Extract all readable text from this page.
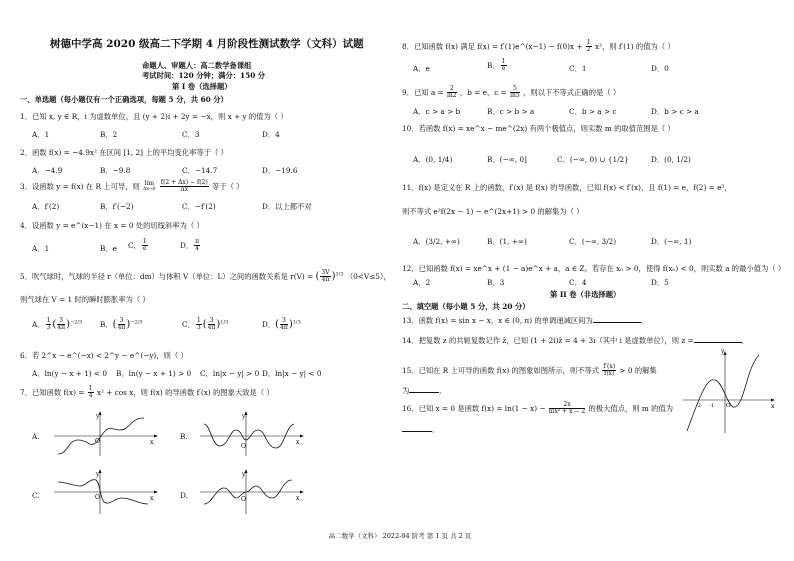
树德中学高 2020 级高二下学期 4 月阶段性测试数学（文科）试题
命题人、审题人：高二数学备课组
考试时间：120 分钟；满分：150 分
第 I 卷（选择题）
一、单选题（每小题仅有一个正确选项，每题 5 分，共 60 分）
1．已知 x, y ∈ R，i 为虚数单位，且 (y + 2)i + 2y = −x，则 x + y 的值为（ ）
A．1	B．2	C．3	D．4
2．函数 f(x) = −4.9x² 在区间 [1, 2] 上的平均变化率等于（ ）
A．−4.9	B．−9.8	C．−14.7	D．−19.6
3．设函数 y = f(x) 在 R 上可导，则 lim
Δx→0
$\frac{f(2 + \Delta x) - f(2)}{\Delta x}$ 等于（ ）
A．f′(2)	B．f′(−2)	C．−f′(2)	D．以上都不对
4．设函数 y = e^(x−1) 在 x = 0 处的切线斜率为（ ）
A．1	B．e C． $\frac{1}{e}$	D． $\frac{\pi}{4}$
5．吹气球时，气球的半径 r（单位：dm）与体积 V（单位：L）之间的函数关系是 r(V) = ( $\frac{3V}{4\pi} )^{1/3}$ （0<V≤5），
则气球在 V = 1 时的瞬时膨胀率为（ ）
A． $\frac{1}{3}$ ( $\frac{3}{4\pi} )^{-2/3}$ B．( $\frac{3}{4\pi} )^{-2/3}$	C． $\frac{1}{3}$ ( $\frac{3}{4\pi} )^{1/3}$	D．( $\frac{3}{4\pi} )^{1/3}$
6．若 2^x − e^(−x) < 2^y − e^(−y)，则（ ）
A．ln(y − x + 1) < 0 B．ln(y − x + 1) > 0 C．ln|x − y| > 0 D．ln|x − y| < 0
7．已知函数 $f(x) = \frac{1}{4} x^2 + \cos x$，则 f(x) 的导函数 f′(x) 的图象大致是（ ）
A.
y
x
O
B.
y
x
O
C.
y
x
O	D.
y
x
O
8．已知函数 f(x) 满足 f(x) = f′(1)e^(x−1) − $f(0)x + \frac{1}{2} x^2$，则 f′(1) 的值为（ ）
A．e	B． $\frac{1}{e}$	C．1	D．0
9．已知 $a = \frac{2}{\ln 2}$ ，b = e，$c = \frac{5}{\ln 5}$ ，则以下不等式正确的是（ ）
A．c > a > b	B．c > b > a	C．b > a > c	D．b > c > a
10．若函数 f(x) = xe^x − me^(2x) 有两个极值点，则实数 m 的取值范围是（ ）
A．(0, 1/4)	B．(−∞, 0]	C．(−∞, 0) ∪ {1/2}	D．(0, 1/2)
11．f(x) 是定义在 R 上的函数，f′(x) 是 f(x) 的导函数，已知 f(x) < f′(x)，且 f(1) = e，f(2) = e³，
则不等式 e²f(2x − 1) − e^(2x+1) > 0 的解集为（ ）
A．(3/2, +∞)	B．(1, +∞)	C．(−∞, 3/2)	D．(−∞, 1)
12．已知函数 f(x) = xe^x + (1 − a)e^x + a，a ∈ Z，若存在 x₀ > 0，使得 f(x₀) < 0，则实数 a 的最小值为（ ）
A．2	B．3	C．4	D．5
第 II 卷（非选择题）
二、填空题（每小题 5 分，共 20 分）
13．函数 f(x) = sin x − x，x ∈ (0, π) 的单调递减区间为	．
14．把复数 z 的共轭复数记作 z̄，已知 (1 + 2i)z̄ = 4 + 3i（其中 i 是虚数单位），则 z =	．
15．已知在 R 上可导的函数 f(x) 的图象如图所示，则不等式 $\frac{f'(x)}{f(x)} > 0$ 的解集
为	．
16．已知 x = 0 是函数 $f(x) = \ln(1 - x) - \frac{2x}{\text{mx² + x − 2}}$ 的极大值点，则 m 的值为
．
y
x
O
-2 -1
高二数学（文科） 2022-04 阶考 第 1 页 共 2 页
